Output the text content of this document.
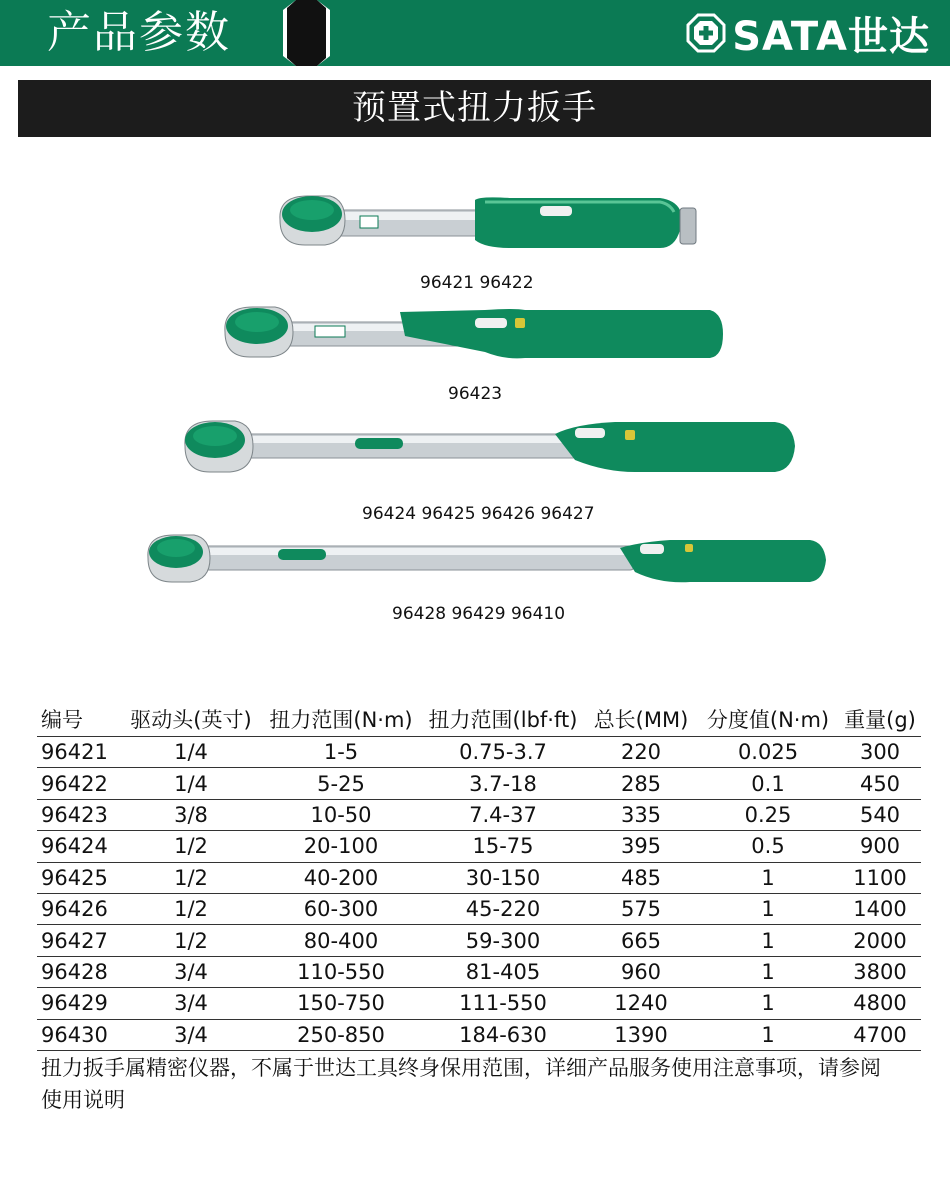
产品参数	SATA世达
预置式扭力扳手
96421 96422
96423
96424 96425 96426 96427
96428 96429 96410
编号	驱动头(英寸)	扭力范围(N·m)	扭力范围(lbf·ft)	总长(MM)	分度值(N·m)	重量(g)
96421	1/4	1-5	0.75-3.7	220	0.025	300
96422	1/4	5-25	3.7-18	285	0.1	450
96423	3/8	10-50	7.4-37	335	0.25	540
96424	1/2	20-100	15-75	395	0.5	900
96425	1/2	40-200	30-150	485	1	1100
96426	1/2	60-300	45-220	575	1	1400
96427	1/2	80-400	59-300	665	1	2000
96428	3/4	110-550	81-405	960	1	3800
96429	3/4	150-750	111-550	1240	1	4800
96430	3/4	250-850	184-630	1390	1	4700
扭力扳手属精密仪器，不属于世达工具终身保用范围，详细产品服务使用注意事项，请参阅使用说明
